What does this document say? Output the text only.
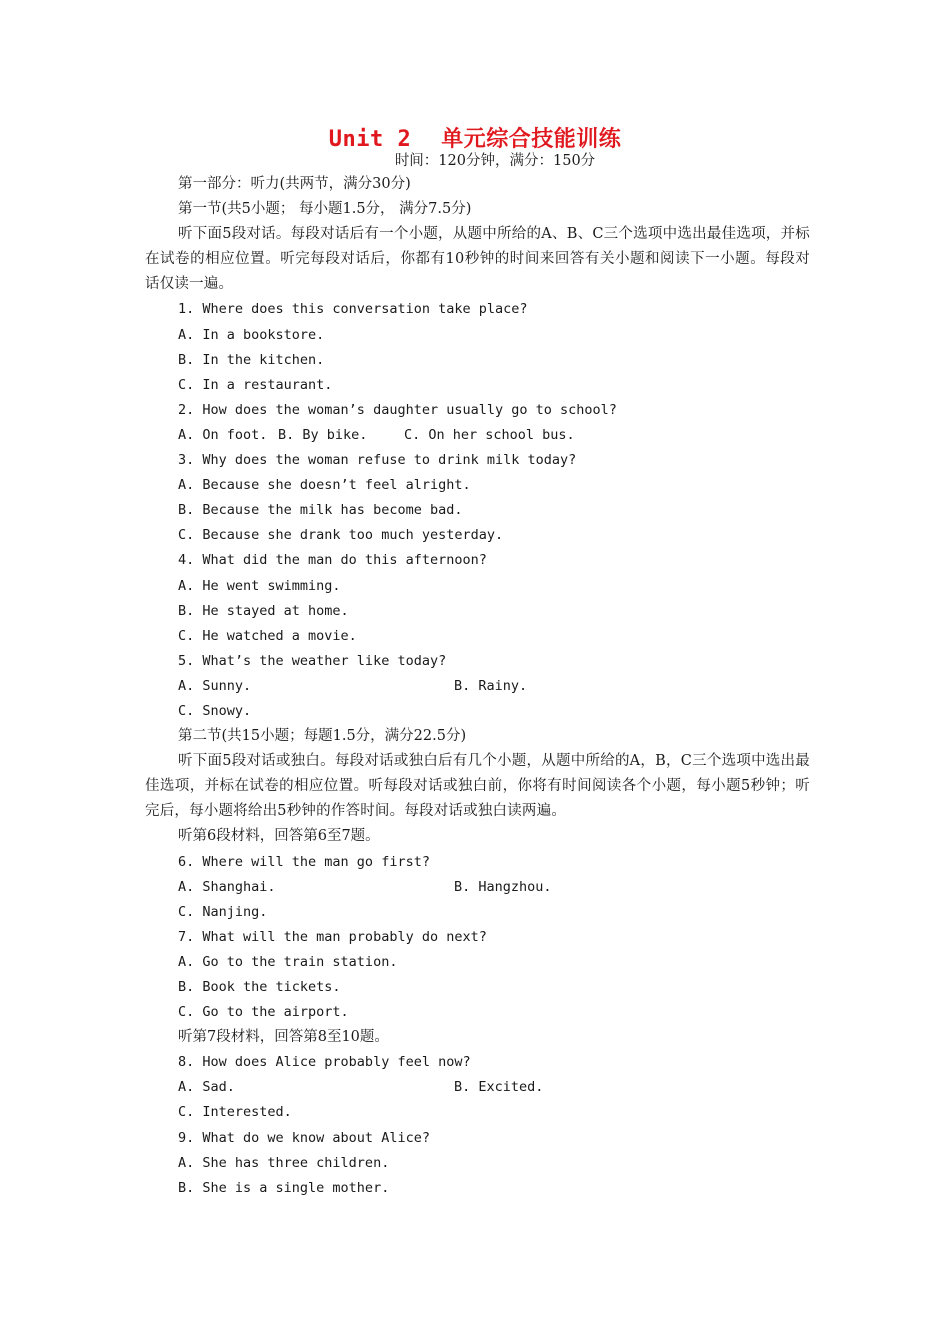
Unit 2 单元综合技能训练
时间：120分钟，满分：150分
第一部分：听力(共两节，满分30分)
第一节(共5小题； 每小题1.5分， 满分7.5分)
听下面5段对话。每段对话后有一个小题，从题中所给的A、B、C三个选项中选出最佳选项，并标在试卷的相应位置。听完每段对话后，你都有10秒钟的时间来回答有关小题和阅读下一小题。每段对话仅读一遍。
1. Where does this conversation take place?
A. In a bookstore.
B. In the kitchen.
C. In a restaurant.
2. How does the woman’s daughter usually go to school?
A. On foot. B. By bike.	C. On her school bus.
3. Why does the woman refuse to drink milk today?
A. Because she doesn’t feel alright.
B. Because the milk has become bad.
C. Because she drank too much yesterday.
4. What did the man do this afternoon?
A. He went swimming.
B. He stayed at home.
C. He watched a movie.
5. What’s the weather like today?
A. Sunny.	B. Rainy.
C. Snowy.
第二节(共15小题；每题1.5分，满分22.5分)
听下面5段对话或独白。每段对话或独白后有几个小题，从题中所给的A，B，C三个选项中选出最佳选项，并标在试卷的相应位置。听每段对话或独白前，你将有时间阅读各个小题，每小题5秒钟；听完后，每小题将给出5秒钟的作答时间。每段对话或独白读两遍。
听第6段材料，回答第6至7题。
6. Where will the man go first?
A. Shanghai.	B. Hangzhou.
C. Nanjing.
7. What will the man probably do next?
A. Go to the train station.
B. Book the tickets.
C. Go to the airport.
听第7段材料，回答第8至10题。
8. How does Alice probably feel now?
A. Sad.	B. Excited.
C. Interested.
9. What do we know about Alice?
A. She has three children.
B. She is a single mother.
